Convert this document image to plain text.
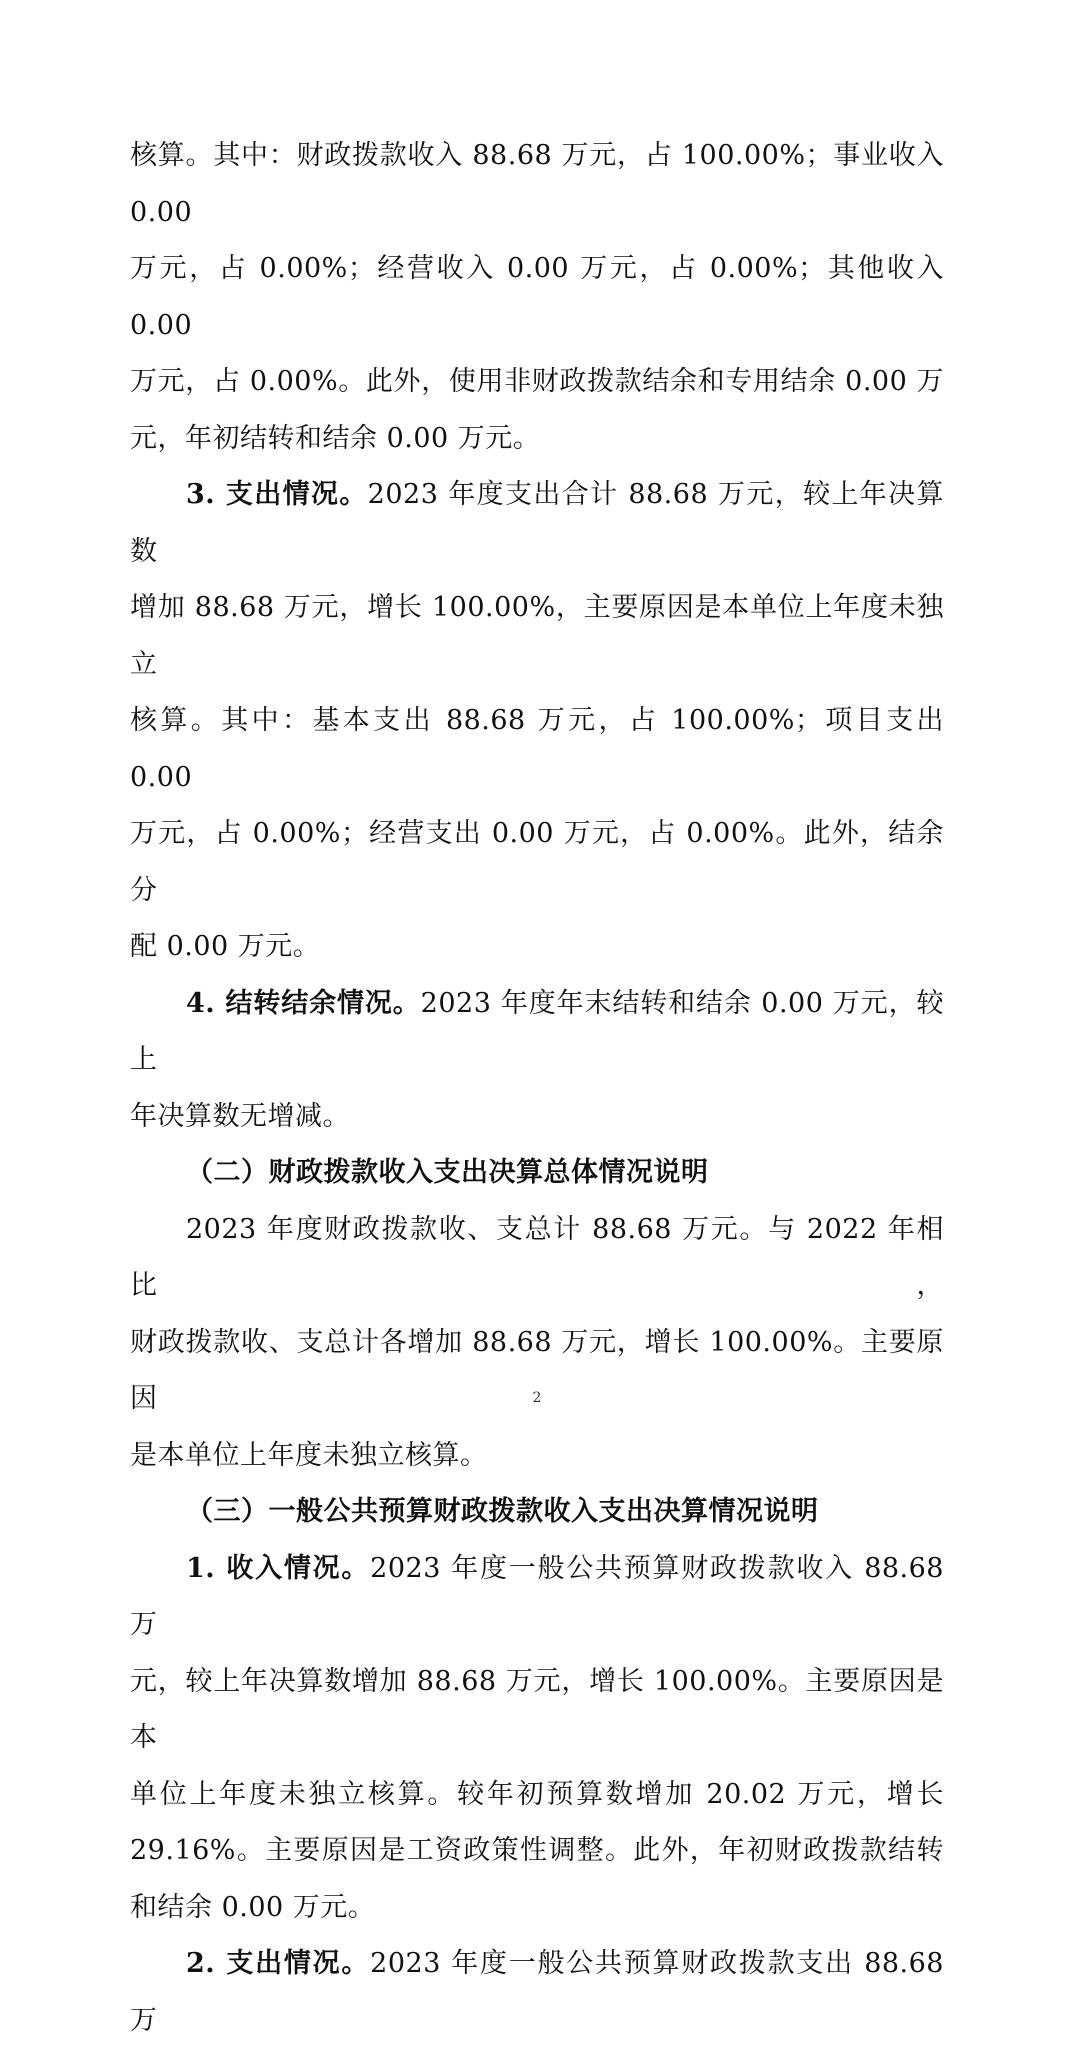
核算。其中：财政拨款收入 88.68 万元，占 100.00%；事业收入 0.00

万元，占 0.00%；经营收入 0.00 万元，占 0.00%；其他收入 0.00

万元，占 0.00%。此外，使用非财政拨款结余和专用结余 0.00 万

元，年初结转和结余 0.00 万元。

3. 支出情况。2023 年度支出合计 88.68 万元，较上年决算数

增加 88.68 万元，增长 100.00%，主要原因是本单位上年度未独立

核算。其中：基本支出 88.68 万元，占 100.00%；项目支出 0.00

万元，占 0.00%；经营支出 0.00 万元，占 0.00%。此外，结余分

配 0.00 万元。

4. 结转结余情况。2023 年度年末结转和结余 0.00 万元，较上

年决算数无增减。

（二）财政拨款收入支出决算总体情况说明

2023 年度财政拨款收、支总计 88.68 万元。与 2022 年相比，

财政拨款收、支总计各增加 88.68 万元，增长 100.00%。主要原因

是本单位上年度未独立核算。

（三）一般公共预算财政拨款收入支出决算情况说明

1. 收入情况。2023 年度一般公共预算财政拨款收入 88.68 万

元，较上年决算数增加 88.68 万元，增长 100.00%。主要原因是本

单位上年度未独立核算。较年初预算数增加 20.02 万元，增长

29.16%。主要原因是工资政策性调整。此外，年初财政拨款结转

和结余 0.00 万元。

2. 支出情况。2023 年度一般公共预算财政拨款支出 88.68 万

2
